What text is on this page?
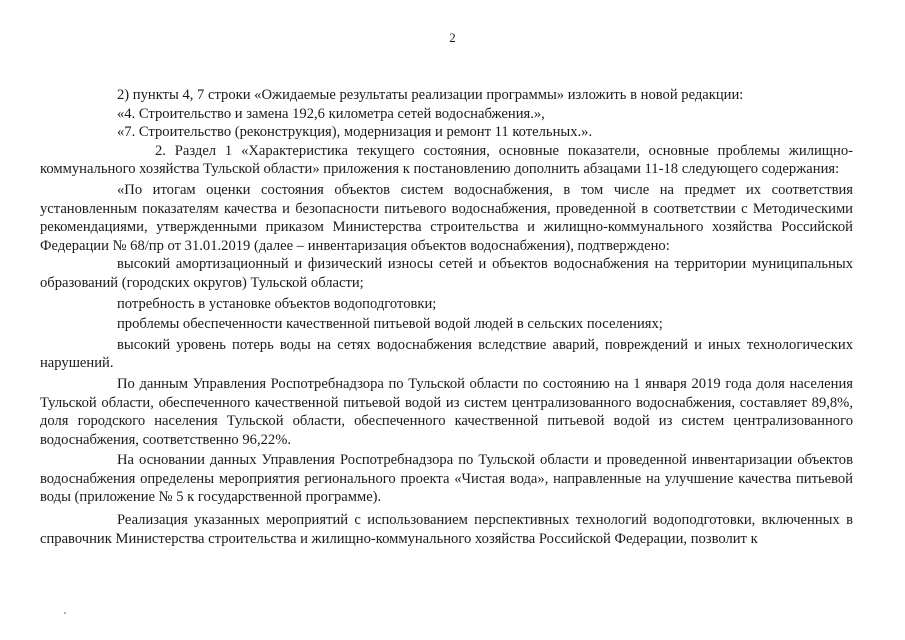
2

2) пункты 4, 7 строки «Ожидаемые результаты реализации программы» изложить в новой редакции:

«4. Строительство и замена 192,6 километра сетей водоснабжения.»,

«7. Строительство (реконструкция), модернизация и ремонт 11 котельных.».

2. Раздел 1 «Характеристика текущего состояния, основные показатели, основные проблемы жилищно-коммунального хозяйства Тульской области» приложения к постановлению дополнить абзацами 11-18 следующего содержания:

«По итогам оценки состояния объектов систем водоснабжения, в том числе на предмет их соответствия установленным показателям качества и безопасности питьевого водоснабжения, проведенной в соответствии с Методическими рекомендациями, утвержденными приказом Министерства строительства и жилищно-коммунального хозяйства Российской Федерации № 68/пр от 31.01.2019 (далее – инвентаризация объектов водоснабжения), подтверждено:

высокий амортизационный и физический износы сетей и объектов водоснабжения на территории муниципальных образований (городских округов) Тульской области;

потребность в установке объектов водоподготовки;

проблемы обеспеченности качественной питьевой водой людей в сельских поселениях;

высокий уровень потерь воды на сетях водоснабжения вследствие аварий, повреждений и иных технологических нарушений.

По данным Управления Роспотребнадзора по Тульской области по состоянию на 1 января 2019 года доля населения Тульской области, обеспеченного качественной питьевой водой из систем централизованного водоснабжения, составляет 89,8%, доля городского населения Тульской области, обеспеченного качественной питьевой водой из систем централизованного водоснабжения, соответственно 96,22%.

На основании данных Управления Роспотребнадзора по Тульской области и проведенной инвентаризации объектов водоснабжения определены мероприятия регионального проекта «Чистая вода», направленные на улучшение качества питьевой воды (приложение № 5 к государственной программе).

Реализация указанных мероприятий с использованием перспективных технологий водоподготовки, включенных в справочник Министерства строительства и жилищно-коммунального хозяйства Российской Федерации, позволит к
